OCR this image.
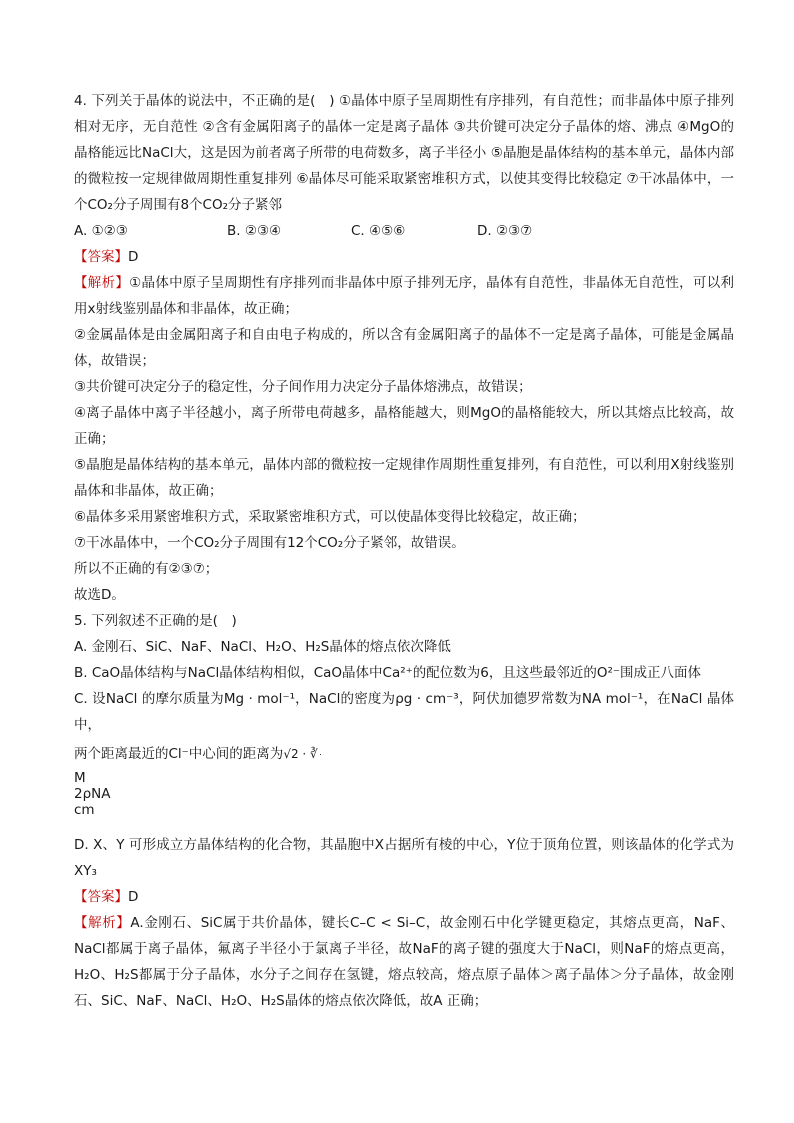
4. 下列关于晶体的说法中，不正确的是(　) ①晶体中原子呈周期性有序排列，有自范性；而非晶体中原子排列相对无序，无自范性 ②含有金属阳离子的晶体一定是离子晶体 ③共价键可决定分子晶体的熔、沸点 ④MgO的晶格能远比NaCl大，这是因为前者离子所带的电荷数多，离子半径小 ⑤晶胞是晶体结构的基本单元，晶体内部的微粒按一定规律做周期性重复排列 ⑥晶体尽可能采取紧密堆积方式，以使其变得比较稳定 ⑦干冰晶体中，一个CO₂分子周围有8个CO₂分子紧邻

A. ①②③	B. ②③④	C. ④⑤⑥	D. ②③⑦

【答案】D

【解析】①晶体中原子呈周期性有序排列而非晶体中原子排列无序，晶体有自范性，非晶体无自范性，可以利用x射线鉴别晶体和非晶体，故正确；

②金属晶体是由金属阳离子和自由电子构成的，所以含有金属阳离子的晶体不一定是离子晶体，可能是金属晶体，故错误；

③共价键可决定分子的稳定性，分子间作用力决定分子晶体熔沸点，故错误；

④离子晶体中离子半径越小，离子所带电荷越多，晶格能越大，则MgO的晶格能较大，所以其熔点比较高，故正确；

⑤晶胞是晶体结构的基本单元，晶体内部的微粒按一定规律作周期性重复排列，有自范性，可以利用X射线鉴别晶体和非晶体，故正确；

⑥晶体多采用紧密堆积方式，采取紧密堆积方式，可以使晶体变得比较稳定，故正确；

⑦干冰晶体中，一个CO₂分子周围有12个CO₂分子紧邻，故错误。

所以不正确的有②③⑦；

故选D。

5. 下列叙述不正确的是(　)

A. 金刚石、SiC、NaF、NaCl、H₂O、H₂S晶体的熔点依次降低

B. CaO晶体结构与NaCl晶体结构相似，CaO晶体中Ca²⁺的配位数为6，且这些最邻近的O²⁻围成正八面体

C. 设NaCl 的摩尔质量为Mg · mol⁻¹，NaCl的密度为ρg · cm⁻³，阿伏加德罗常数为NA mol⁻¹，在NaCl 晶体中，

两个距离最近的Cl⁻中心间的距离为√2 · ∛

M
2ρNA
cm

D. X、Y 可形成立方晶体结构的化合物，其晶胞中X占据所有棱的中心，Y位于顶角位置，则该晶体的化学式为XY₃

【答案】D

【解析】A.金刚石、SiC属于共价晶体，键长C–C < Si–C，故金刚石中化学键更稳定，其熔点更高，NaF、NaCl都属于离子晶体，氟离子半径小于氯离子半径，故NaF的离子键的强度大于NaCl，则NaF的熔点更高，H₂O、H₂S都属于分子晶体，水分子之间存在氢键，熔点较高，熔点原子晶体＞离子晶体＞分子晶体，故金刚石、SiC、NaF、NaCl、H₂O、H₂S晶体的熔点依次降低，故A 正确；
